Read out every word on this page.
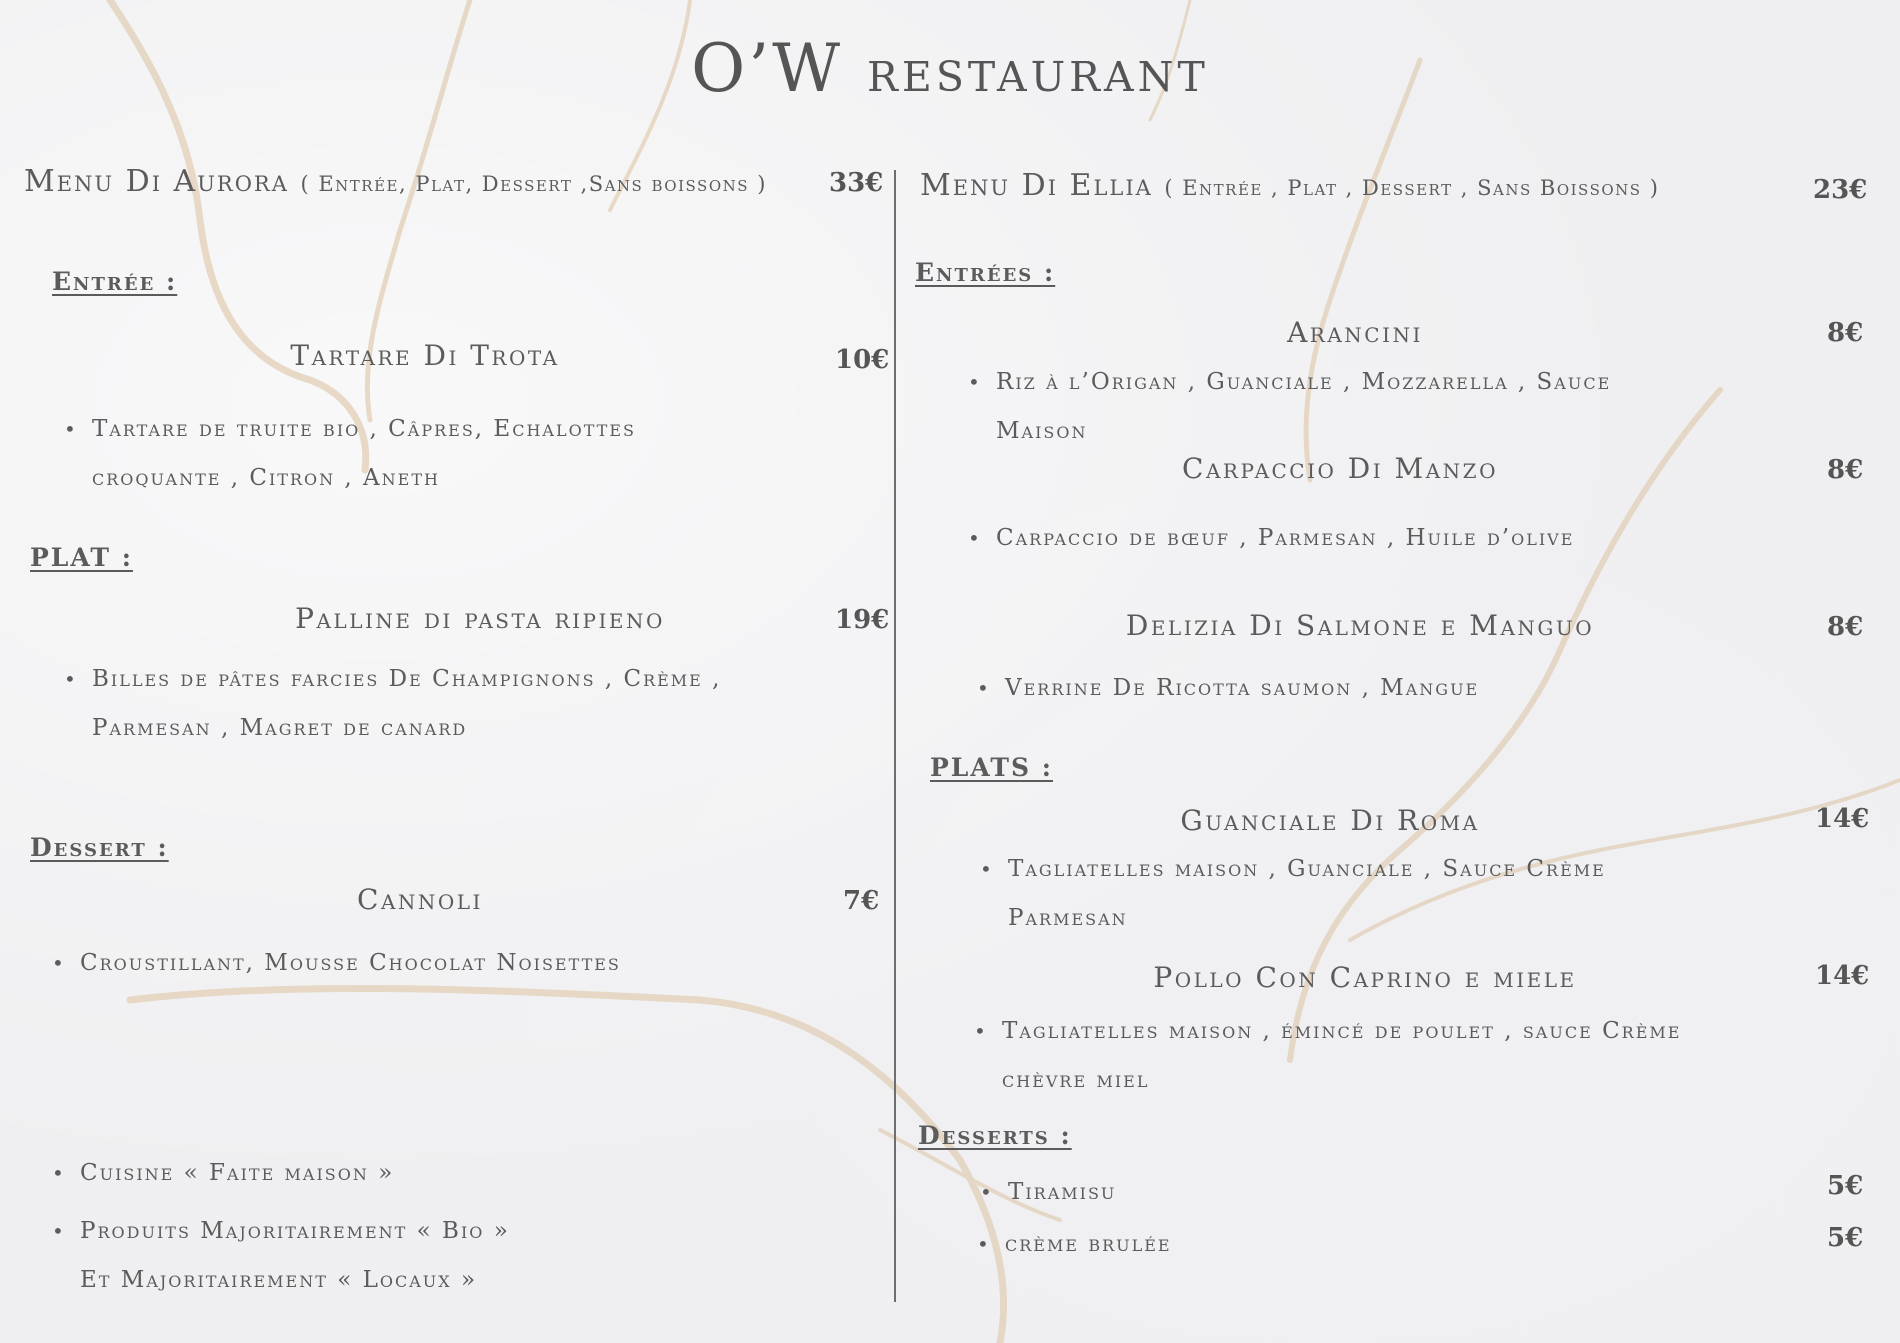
O’W restaurant
Menu Di Aurora ( Entrée, Plat, Dessert ,Sans boissons ) 33€
Entrée :
Tartare Di Trota	10€
• Tartare de truite bio , Câpres, Echalottes
croquante , Citron , Aneth
PLAT :
Palline di pasta ripieno	19€
• Billes de pâtes farcies De Champignons , Crème ,
Parmesan , Magret de canard
Dessert :
Cannoli	7€
• Croustillant, Mousse Chocolat Noisettes
• Cuisine « Faite maison »
• Produits Majoritairement « Bio »
Et Majoritairement « Locaux »
Menu Di Ellia ( Entrée , Plat , Dessert , Sans Boissons )	23€
Entrées :
Arancini	8€
• Riz à l’Origan , Guanciale , Mozzarella , Sauce
Maison
Carpaccio Di Manzo	8€
• Carpaccio de bœuf , Parmesan , Huile d’olive
Delizia Di Salmone e Manguo	8€
• Verrine De Ricotta saumon , Mangue
PLATS :
Guanciale Di Roma	14€
• Tagliatelles maison , Guanciale , Sauce Crème
Parmesan
Pollo Con Caprino e miele	14€
• Tagliatelles maison , émincé de poulet , sauce Crème
chèvre miel
Desserts :
• Tiramisu	5€
• crème brulée	5€
